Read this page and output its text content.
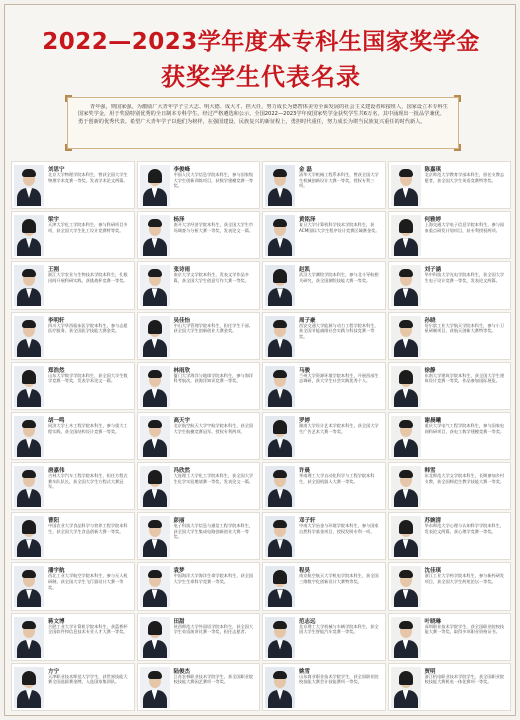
2022—2023学年度本专科生国家奖学金
获奖学生代表名录

青年强，则国家强。为激励广大青年学子立大志、明大德、成大才、担大任，努力成长为德智体美劳全面发展的社会主义建设者和接班人，国家设立本专科生国家奖学金，用于奖励特别优秀的全日制本专科学生。经过严格遴选和公示，全国2022—2023学年度国家奖学金获奖学生共6万名，其中涌现出一批品学兼优、勇于创新的优秀代表。希望广大青年学子以他们为榜样，在强国建设、民族复兴的新征程上，勇担时代重任，努力成长为堪当民族复兴重任的时代新人。

刘思宁
北京大学物理学院本科生，曾获全国大学生物理学术竞赛一等奖，发表学术论文两篇。
李俊峰
中国人民大学信息学院本科生，参与国家级大学生创新训练项目，获数学建模竞赛一等奖。
金 磊
清华大学机械工程系本科生，曾获全国大学生机械创新设计大赛一等奖，授权专利三项。
陈嘉琪
北京师范大学教育学部本科生，担任支教志愿者，获全国大学生英语竞赛特等奖。
梁宇
天津大学化工学院本科生，参与科研项目多项，获全国大学生化工设计竞赛特等奖。
杨泽
南开大学经济学院本科生，获全国大学生市场调查与分析大赛一等奖，发表论文一篇。
黄铭泽
复旦大学计算机科学技术学院本科生，获ACM国际大学生程序设计竞赛区域赛金奖。
何雅婷
上海交通大学电子信息学院本科生，参与国家重点研发计划项目，获专利授权两项。
王刚
浙江大学农业与生物技术学院本科生，扎根田间开展科研实践，获挑战杯竞赛一等奖。
张诗雨
南京大学文学院本科生，发表文学作品多篇，获全国大学生创意写作大赛一等奖。
赵凯
武汉大学测绘学院本科生，参与北斗导航相关研究，获全国测绘技能大赛一等奖。
刘子涵
华中科技大学光电学院本科生，获全国大学生电子设计竞赛一等奖，发表论文两篇。
李明轩
四川大学华西临床医学院本科生，参与志愿医疗服务，获全国医学技能大赛金奖。
吴佳怡
中山大学管理学院本科生，担任学生干部，获全国大学生创新创业大赛金奖。
周子豪
西安交通大学能源与动力工程学院本科生，获全国节能减排社会实践与科技竞赛一等奖。
孙晓
哈尔滨工业大学航天学院本科生，参与小卫星研制项目，获航天创新大赛特等奖。
郑浩然
山东大学数学学院本科生，获全国大学生数学竞赛一等奖，发表学术论文一篇。
林雨欣
厦门大学海洋与地球学院本科生，参与海洋科考航次，获海洋知识竞赛一等奖。
马骏
兰州大学资源环境学院本科生，开展西部生态调研，获大学生社会实践优秀个人。
徐静
东南大学建筑学院本科生，获全国大学生建筑设计竞赛一等奖，作品参加国际展览。
胡一鸣
同济大学土木工程学院本科生，参与重大工程实践，获全国结构设计竞赛一等奖。
高天宇
北京航空航天大学宇航学院本科生，获全国大学生航模竞赛冠军，授权专利两项。
罗婷
湖南大学设计艺术学院本科生，获全国大学生广告艺术大赛一等奖。
谢晨曦
重庆大学电气工程学院本科生，参与国家电网科研项目，获电工数学建模竞赛一等奖。
唐嘉伟
吉林大学汽车工程学院本科生，担任方程式赛车队队长，获全国大学生方程式大赛冠军。
冯欣然
大连理工大学化工学院本科生，获全国大学生化学实验邀请赛一等奖，发表论文一篇。
许晨
华南理工大学自动化科学与工程学院本科生，获全国机器人大赛一等奖。
韩雪
东北师范大学文学院本科生，长期参加乡村支教，获全国师范生教学技能大赛一等奖。
曹阳
中国农业大学食品科学与营养工程学院本科生，获全国大学生食品创新大赛一等奖。
彭丽
电子科技大学信息与通信工程学院本科生，获全国大学生集成电路创新创业大赛一等奖。
邓子轩
中南大学冶金与环境学院本科生，参与国家自然科学基金项目，授权发明专利一项。
苏婉清
华东师范大学心理与认知科学学院本科生，发表论文两篇，获心理学竞赛一等奖。
潘宇航
西北工业大学航空学院本科生，参与无人机研制，获全国大学生飞行器设计大赛一等奖。
袁梦
中国海洋大学海洋生命学院本科生，获全国大学生生命科学竞赛一等奖。
程昊
南京航空航天大学机电学院本科生，获全国三维数字化创新设计大赛特等奖。
沈佳琪
浙江工业大学药学院本科生，参与新药研发项目，获全国大学生药苑论坛一等奖。
蒋文博
合肥工业大学计算机学院本科生，获蓝桥杯全国软件和信息技术专业人才大赛一等奖。
田甜
陕西师范大学外国语学院本科生，获全国大学生英语演讲比赛一等奖，担任志愿者。
范志远
北京理工大学机械与车辆学院本科生，获全国大学生智能汽车竞赛一等奖。
叶晓琳
深圳职业技术学院学生，获全国职业院校技能大赛一等奖，取得多项职业资格证书。
方宁
天津职业技术师范大学学生，获世界技能大赛全国选拔赛金牌，入选国家集训队。
陆俊杰
江苏农林职业技术学院学生，获全国职业院校技能大赛园艺赛项一等奖。
姚雪
山东商业职业技术学院学生，获全国职业院校技能大赛会计技能赛项一等奖。
贾明
浙江机电职业技术学院学生，获全国职业院校技能大赛机电一体化赛项一等奖。
